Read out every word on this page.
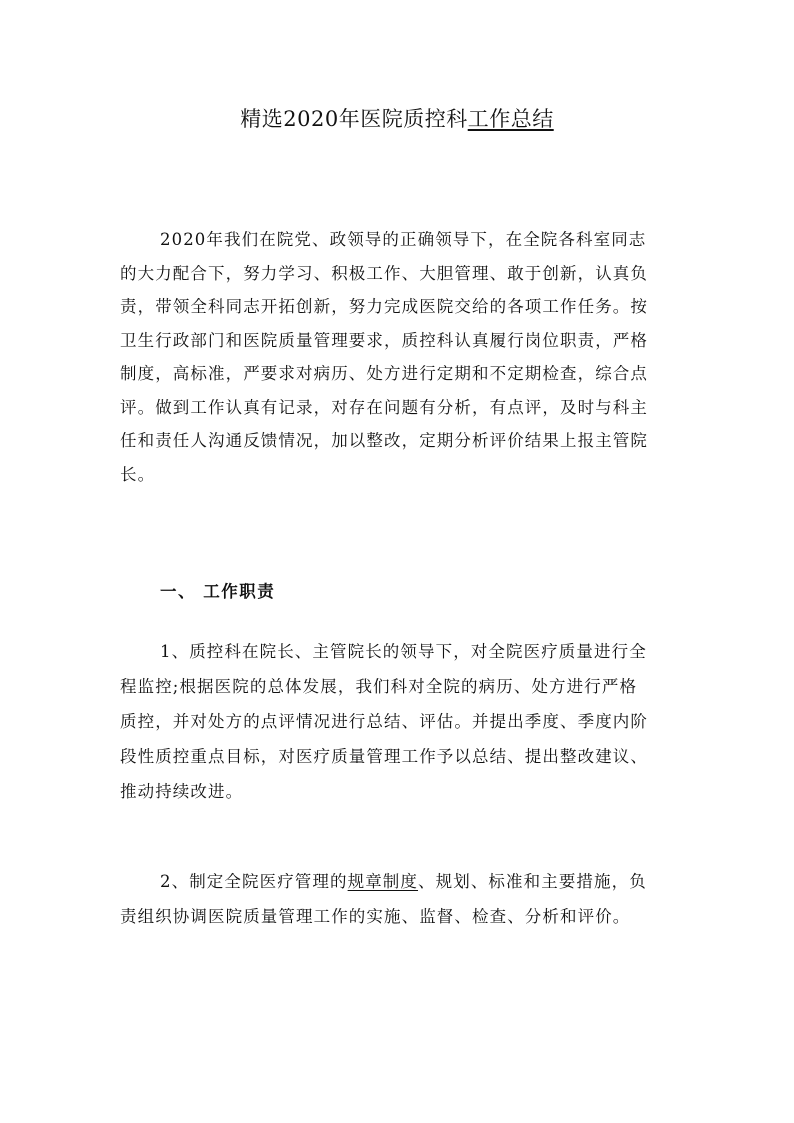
精选2020年医院质控科工作总结
2020年我们在院党、政领导的正确领导下，在全院各科室同志
的大力配合下，努力学习、积极工作、大胆管理、敢于创新，认真负
责，带领全科同志开拓创新，努力完成医院交给的各项工作任务。按
卫生行政部门和医院质量管理要求，质控科认真履行岗位职责，严格
制度，高标准，严要求对病历、处方进行定期和不定期检查，综合点
评。做到工作认真有记录，对存在问题有分析，有点评，及时与科主
任和责任人沟通反馈情况，加以整改，定期分析评价结果上报主管院
长。
一、 工作职责
1、质控科在院长、主管院长的领导下，对全院医疗质量进行全
程监控;根据医院的总体发展，我们科对全院的病历、处方进行严格
质控，并对处方的点评情况进行总结、评估。并提出季度、季度内阶
段性质控重点目标，对医疗质量管理工作予以总结、提出整改建议、
推动持续改进。
2、制定全院医疗管理的规章制度、规划、标准和主要措施，负
责组织协调医院质量管理工作的实施、监督、检查、分析和评价。
